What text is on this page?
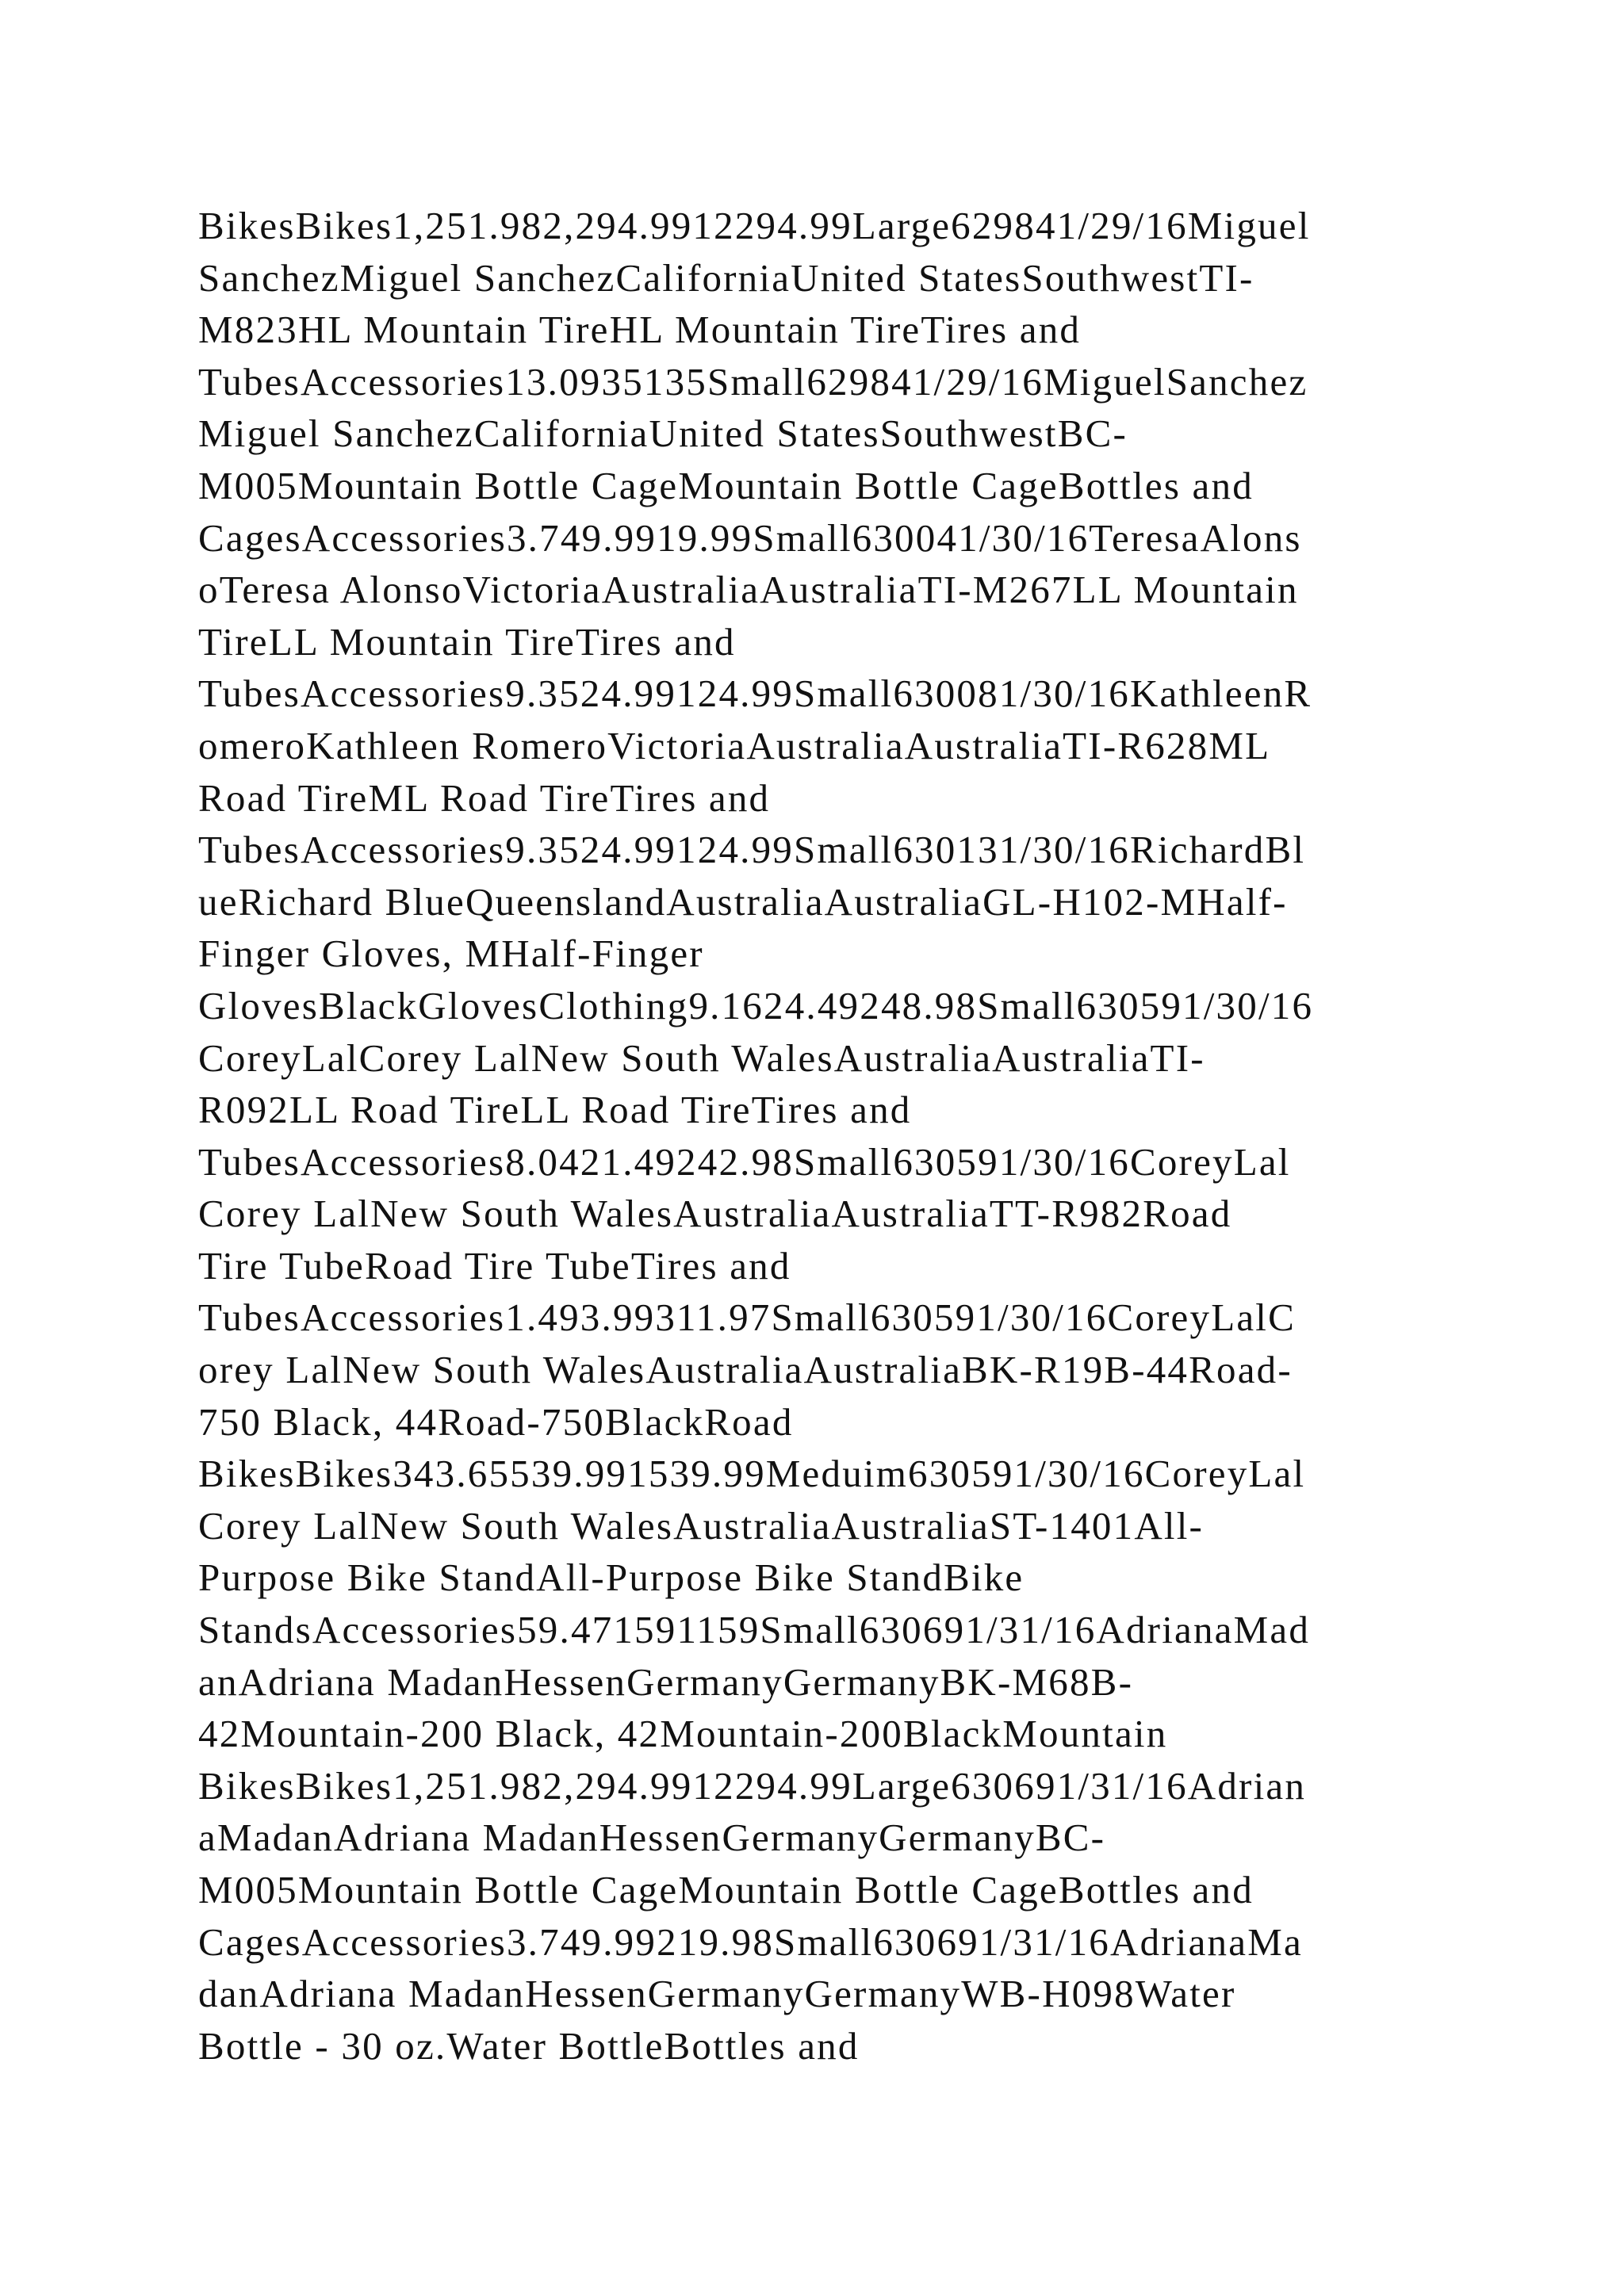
BikesBikes1,251.982,294.9912294.99Large629841/29/16Miguel
SanchezMiguel SanchezCaliforniaUnited StatesSouthwestTI-
M823HL Mountain TireHL Mountain TireTires and
TubesAccessories13.0935135Small629841/29/16MiguelSanchez
Miguel SanchezCaliforniaUnited StatesSouthwestBC-
M005Mountain Bottle CageMountain Bottle CageBottles and
CagesAccessories3.749.9919.99Small630041/30/16TeresaAlons
oTeresa AlonsoVictoriaAustraliaAustraliaTI-M267LL Mountain
TireLL Mountain TireTires and
TubesAccessories9.3524.99124.99Small630081/30/16KathleenR
omeroKathleen RomeroVictoriaAustraliaAustraliaTI-R628ML
Road TireML Road TireTires and
TubesAccessories9.3524.99124.99Small630131/30/16RichardBl
ueRichard BlueQueenslandAustraliaAustraliaGL-H102-MHalf-
Finger Gloves, MHalf-Finger
GlovesBlackGlovesClothing9.1624.49248.98Small630591/30/16
CoreyLalCorey LalNew South WalesAustraliaAustraliaTI-
R092LL Road TireLL Road TireTires and
TubesAccessories8.0421.49242.98Small630591/30/16CoreyLal
Corey LalNew South WalesAustraliaAustraliaTT-R982Road
Tire TubeRoad Tire TubeTires and
TubesAccessories1.493.99311.97Small630591/30/16CoreyLalC
orey LalNew South WalesAustraliaAustraliaBK-R19B-44Road-
750 Black, 44Road-750BlackRoad
BikesBikes343.65539.991539.99Meduim630591/30/16CoreyLal
Corey LalNew South WalesAustraliaAustraliaST-1401All-
Purpose Bike StandAll-Purpose Bike StandBike
StandsAccessories59.471591159Small630691/31/16AdrianaMad
anAdriana MadanHessenGermanyGermanyBK-M68B-
42Mountain-200 Black, 42Mountain-200BlackMountain
BikesBikes1,251.982,294.9912294.99Large630691/31/16Adrian
aMadanAdriana MadanHessenGermanyGermanyBC-
M005Mountain Bottle CageMountain Bottle CageBottles and
CagesAccessories3.749.99219.98Small630691/31/16AdrianaMa
danAdriana MadanHessenGermanyGermanyWB-H098Water
Bottle - 30 oz.Water BottleBottles and
